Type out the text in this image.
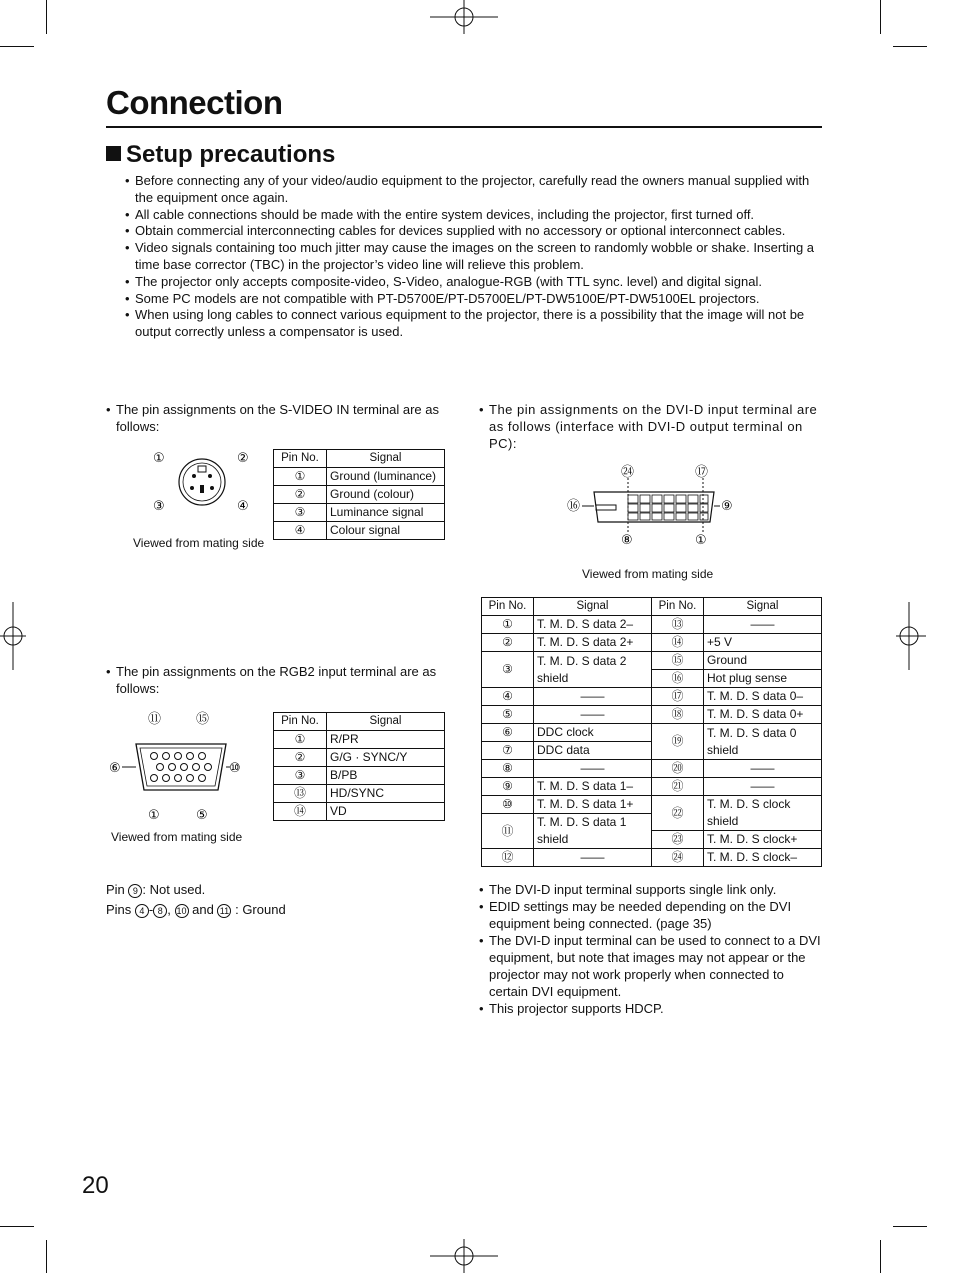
Connection
Setup precautions
• Before connecting any of your video/audio equipment to the projector, carefully read the owners manual supplied with the equipment once again.
• All cable connections should be made with the entire system devices, including the projector, first turned off.
• Obtain commercial interconnecting cables for devices supplied with no accessory or optional interconnect cables.
• Video signals containing too much jitter may cause the images on the screen to randomly wobble or shake. Inserting a time base corrector (TBC) in the projector’s video line will relieve this problem.
• The projector only accepts composite-video, S-Video, analogue-RGB (with TTL sync. level) and digital signal.
• Some PC models are not compatible with PT-D5700E/PT-D5700EL/PT-DW5100E/PT-DW5100EL projectors.
• When using long cables to connect various equipment to the projector, there is a possibility that the image will not be output correctly unless a compensator is used.
• The pin assignments on the S-VIDEO IN terminal are as follows:
①	②
③	④
Viewed from mating side
Pin No.	Signal
①	Ground (luminance)
②	Ground (colour)
③	Luminance signal
④	Colour signal
• The pin assignments on the RGB2 input terminal are as follows:
⑪	⑮
⑥	⑩
①	⑤
Viewed from mating side
Pin No.	Signal
①	R/PR
②	G/G · SYNC/Y
③	B/PB
⑬	HD/SYNC
⑭	VD
Pin 9 : Not used.
Pins 4 - 8 , 10 and 11 : Ground
• The pin assignments on the DVI-D input terminal are as follows (interface with DVI-D output terminal on PC):
㉔	⑰
⑯	⑨
⑧	①
Viewed from mating side
Pin No.	Signal	Pin No.	Signal
①	T. M. D. S data 2–	⑬	——
②	T. M. D. S data 2+	⑭	+5 V
③	T. M. D. S data 2 shield	⑮	Ground
		⑯	Hot plug sense
④	——	⑰	T. M. D. S data 0–
⑤	——	⑱	T. M. D. S data 0+
⑥	DDC clock	⑲	T. M. D. S data 0 shield
⑦	DDC data		
⑧	——	⑳	——
⑨	T. M. D. S data 1–	㉑	——
⑩	T. M. D. S data 1+	㉒	T. M. D. S clock shield
⑪	T. M. D. S data 1 shield		
		㉓	T. M. D. S clock+
⑫	——	㉔	T. M. D. S clock–
• The DVI-D input terminal supports single link only.
• EDID settings may be needed depending on the DVI equipment being connected. (page 35)
• The DVI-D input terminal can be used to connect to a DVI equipment, but note that images may not appear or the projector may not work properly when connected to certain DVI equipment.
• This projector supports HDCP.
20
